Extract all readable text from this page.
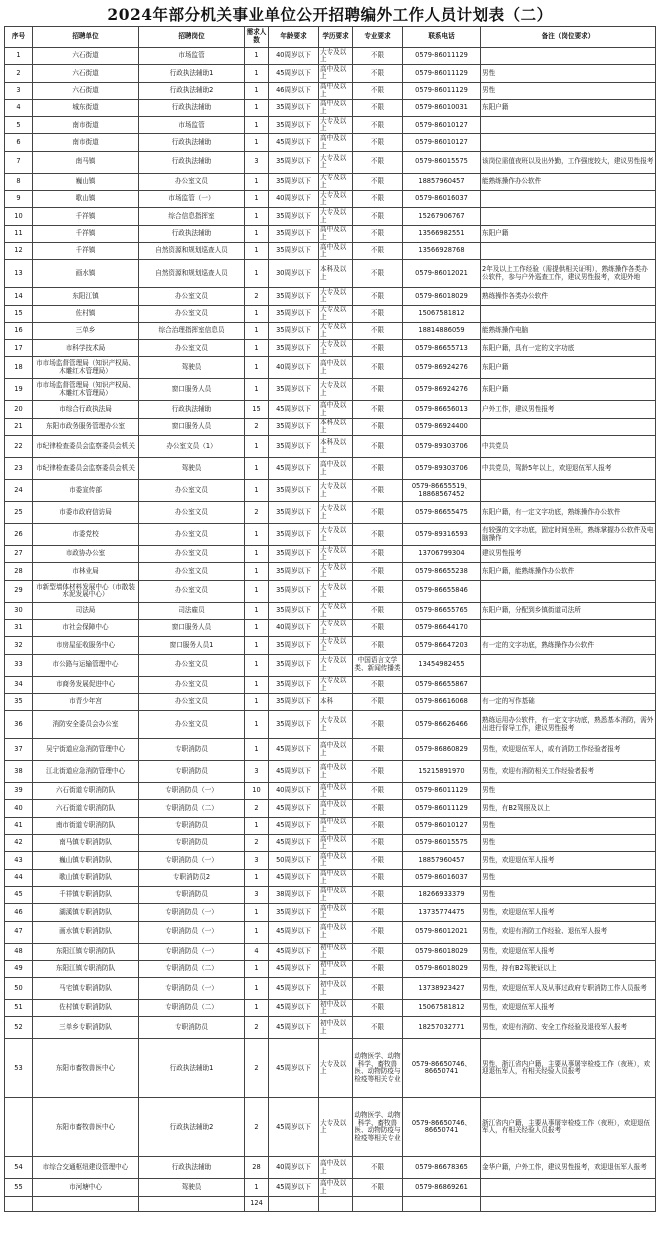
2024年部分机关事业单位公开招聘编外工作人员计划表（二）
序号	招聘单位	招聘岗位	需求人数	年龄要求	学历要求	专业要求	联系电话	备注（岗位要求）
1	六石街道	市场监管	1	40周岁以下	大专及以上	不限	0579-86011129	
2	六石街道	行政执法辅助1	1	45周岁以下	高中及以上	不限	0579-86011129	男性
3	六石街道	行政执法辅助2	1	46周岁以下	高中及以上	不限	0579-86011129	男性
4	城东街道	行政执法辅助	1	35周岁以下	高中及以上	不限	0579-86010031	东阳户籍
5	南市街道	市场监管	1	35周岁以下	大专及以上	不限	0579-86010127	
6	南市街道	行政执法辅助	1	45周岁以下	高中及以上	不限	0579-86010127	
7	南马镇	行政执法辅助	3	35周岁以下	大专及以上	不限	0579-86015575	该岗位需值夜班以及出外勤，工作强度较大，建议男性报考
8	巍山镇	办公室文员	1	35周岁以下	大专及以上	不限	18857960457	能熟练操作办公软件
9	歌山镇	市场监管（一）	1	40周岁以下	大专及以上	不限	0579-86016037	
10	千祥镇	综合信息指挥室	1	35周岁以下	大专及以上	不限	15267906767	
11	千祥镇	行政执法辅助	1	35周岁以下	高中及以上	不限	13566982551	东阳户籍
12	千祥镇	自然资源和规划巡查人员	1	35周岁以下	高中及以上	不限	13566928768	
13	画水镇	自然资源和规划巡查人员	1	30周岁以下	本科及以上	不限	0579-86012021	2年及以上工作经验（需提供相关证明），熟练操作各类办公软件，参与户外巡查工作，建议男性报考，欢迎外地
14	东阳江镇	办公室文员	2	35周岁以下	大专及以上	不限	0579-86018029	熟练操作各类办公软件
15	佐村镇	办公室文员	1	35周岁以下	大专及以上	不限	15067581812	
16	三单乡	综合治理指挥室信息员	1	35周岁以下	大专及以上	不限	18814886059	能熟练操作电脑
17	市科学技术局	办公室文员	1	35周岁以下	大专及以上	不限	0579-86655713	东阳户籍，具有一定的文字功底
18	市市场监督管理局（知识产权局、木雕红木管理局）	驾驶员	1	40周岁以下	高中及以上	不限	0579-86924276	东阳户籍
19	市市场监督管理局（知识产权局、木雕红木管理局）	窗口服务人员	1	35周岁以下	大专及以上	不限	0579-86924276	东阳户籍
20	市综合行政执法局	行政执法辅助	15	45周岁以下	高中及以上	不限	0579-86656013	户外工作，建议男性报考
21	东阳市政务服务管理办公室	窗口服务人员	2	35周岁以下	本科及以上	不限	0579-86924400	
22	市纪律检查委员会监察委员会机关	办公室文员（1）	1	35周岁以下	本科及以上	不限	0579-89303706	中共党员
23	市纪律检查委员会监察委员会机关	驾驶员	1	45周岁以下	高中及以上	不限	0579-89303706	中共党员，驾龄5年以上，欢迎退伍军人报考
24	市委宣传部	办公室文员	1	35周岁以下	大专及以上	不限	0579-86655519、18868567452	
25	市委市政府信访局	办公室文员	2	35周岁以下	大专及以上	不限	0579-86655475	东阳户籍，有一定文字功底，熟练操作办公软件
26	市委党校	办公室文员	1	35周岁以下	大专及以上	不限	0579-89316593	有较强的文字功底，固定时间坐班，熟练掌握办公软件及电脑操作
27	市政协办公室	办公室文员	1	35周岁以下	大专及以上	不限	13706799304	建议男性报考
28	市林业局	办公室文员	1	35周岁以下	大专及以上	不限	0579-86655238	东阳户籍，能熟练操作办公软件
29	市新型墙体材料发展中心（市散装水泥发展中心）	办公室文员	1	35周岁以下	大专及以上	不限	0579-86655846	
30	司法局	司法雇员	1	35周岁以下	大专及以上	不限	0579-86655765	东阳户籍，分配到乡镇街道司法所
31	市社会保障中心	窗口服务人员	1	40周岁以下	大专及以上	不限	0579-86644170	
32	市房屋征收服务中心	窗口服务人员1	1	35周岁以下	大专及以上	不限	0579-86647203	有一定的文字功底，熟练操作办公软件
33	市公路与运输管理中心	办公室文员	1	35周岁以下	大专及以上	中国语言文学类、新闻传播类	13454982455	
34	市商务发展促进中心	办公室文员	1	35周岁以下	大专及以上	不限	0579-86655867	
35	市青少年宫	办公室文员	1	35周岁以下	本科	不限	0579-86616068	有一定的写作基础
36	消防安全委员会办公室	办公室文员	1	35周岁以下	大专及以上	不限	0579-86626466	熟练运用办公软件，有一定文字功底，熟悉基本消防，需外出进行督导工作，建议男性报考
37	吴宁街道应急消防管理中心	专职消防员	1	45周岁以下	高中及以上	不限	0579-86860829	男性，欢迎退伍军人，或有消防工作经验者报考
38	江北街道应急消防管理中心	专职消防员	3	45周岁以下	高中及以上	不限	15215891970	男性，欢迎有消防相关工作经验者报考
39	六石街道专职消防队	专职消防员（一）	10	40周岁以下	高中及以上	不限	0579-86011129	男性
40	六石街道专职消防队	专职消防员（二）	2	45周岁以下	高中及以上	不限	0579-86011129	男性，有B2驾照及以上
41	南市街道专职消防队	专职消防员	1	45周岁以下	高中及以上	不限	0579-86010127	男性
42	南马镇专职消防队	专职消防员	2	45周岁以下	高中及以上	不限	0579-86015575	男性
43	巍山镇专职消防队	专职消防员（一）	3	50周岁以下	高中及以上	不限	18857960457	男性，欢迎退伍军人报考
44	歌山镇专职消防队	专职消防员2	1	45周岁以下	高中及以上	不限	0579-86016037	男性
45	千祥镇专职消防队	专职消防员	3	38周岁以下	高中及以上	不限	18266933379	男性
46	湖溪镇专职消防队	专职消防员（一）	1	35周岁以下	高中及以上	不限	13735774475	男性，欢迎退伍军人报考
47	画水镇专职消防队	专职消防员（一）	1	45周岁以下	高中及以上	不限	0579-86012021	男性，欢迎有消防工作经验、退伍军人报考
48	东阳江镇专职消防队	专职消防员（一）	4	45周岁以下	初中及以上	不限	0579-86018029	男性，欢迎退伍军人报考
49	东阳江镇专职消防队	专职消防员（二）	1	45周岁以下	初中及以上	不限	0579-86018029	男性，持有B2驾驶证以上
50	马宅镇专职消防队	专职消防员（一）	1	45周岁以下	初中及以上	不限	13738923427	男性，欢迎退伍军人及从事过政府专职消防工作人员报考
51	佐村镇专职消防队	专职消防员（二）	1	45周岁以下	初中及以上	不限	15067581812	男性，欢迎退伍军人报考
52	三单乡专职消防队	专职消防员	2	45周岁以下	初中及以上	不限	18257032771	男性，欢迎有消防、安全工作经验及退役军人报考
53	东阳市畜牧兽医中心	行政执法辅助1	2	45周岁以下	大专及以上	动物医学、动物科学、畜牧兽医、动物防疫与检疫等相关专业	0579-86650746、86650741	男性，浙江省内户籍，主要从事屠宰检疫工作（夜班），欢迎退伍军人，有相关经验人员报考
	东阳市畜牧兽医中心	行政执法辅助2	2	45周岁以下	大专及以上	动物医学、动物科学、畜牧兽医、动物防疫与检疫等相关专业	0579-86650746、86650741	浙江省内户籍，主要从事屠宰检疫工作（夜班），欢迎退伍军人，有相关经验人员报考
54	市综合交通枢纽建设管理中心	行政执法辅助	28	40周岁以下	高中及以上	不限	0579-86678365	金华户籍，户外工作，建议男性报考，欢迎退伍军人报考
55	市河塘中心	驾驶员	1	45周岁以下	高中及以上	不限	0579-86869261	
			124					
